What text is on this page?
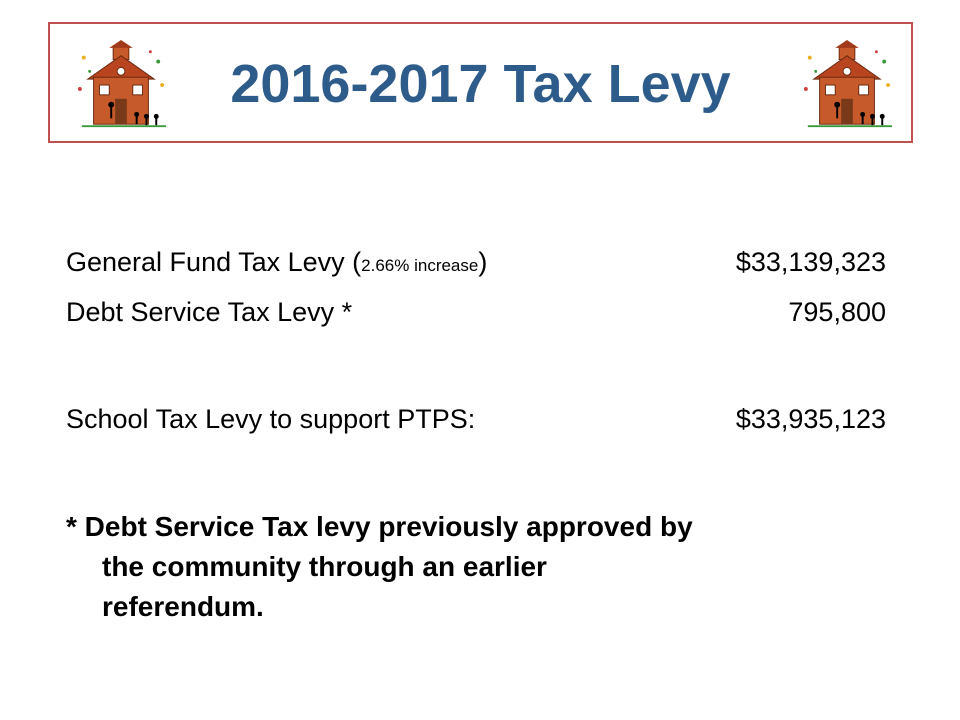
2016-2017 Tax Levy
General Fund Tax Levy (2.66% increase)	$33,139,323
Debt Service Tax Levy *	795,800
School Tax Levy to support PTPS:	$33,935,123
* Debt Service Tax levy previously approved by
the community through an earlier
referendum.
